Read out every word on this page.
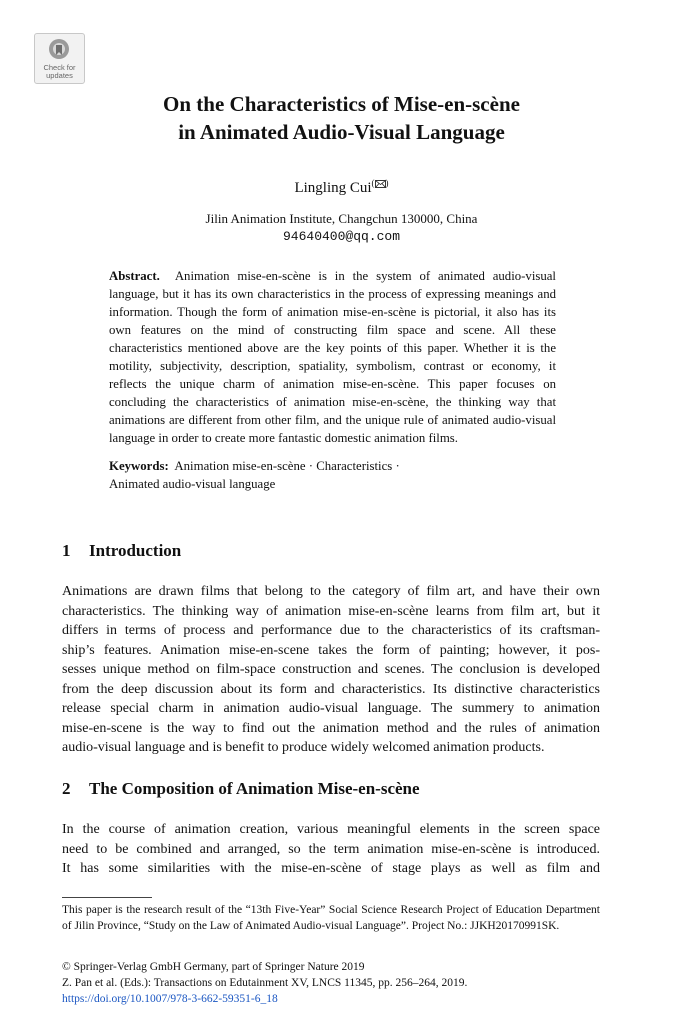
Check for
updates
On the Characteristics of Mise-en-scène
in Animated Audio-Visual Language
Lingling Cui( )
Jilin Animation Institute, Changchun 130000, China
94640400@qq.com
Abstract. Animation mise-en-scène is in the system of animated audio-visual language, but it has its own characteristics in the process of expressing meanings and information. Though the form of animation mise-en-scène is pictorial, it also has its own features on the mind of constructing film space and scene. All these characteristics mentioned above are the key points of this paper. Whether it is the motility, subjectivity, description, spatiality, symbolism, contrast or economy, it reflects the unique charm of animation mise-en-scène. This paper focuses on concluding the characteristics of animation mise-en-scène, the thinking way that animations are different from other film, and the unique rule of animated audio-visual language in order to create more fantastic domestic animation films.
Keywords: Animation mise-en-scène · Characteristics ·
Animated audio-visual language
1 Introduction
Animations are drawn films that belong to the category of film art, and have their own
characteristics. The thinking way of animation mise-en-scène learns from film art, but it
differs in terms of process and performance due to the characteristics of its craftsman-
ship’s features. Animation mise-en-scene takes the form of painting; however, it pos-
sesses unique method on film-space construction and scenes. The conclusion is developed
from the deep discussion about its form and characteristics. Its distinctive characteristics
release special charm in animation audio-visual language. The summery to animation
mise-en-scene is the way to find out the animation method and the rules of animation
audio-visual language and is benefit to produce widely welcomed animation products.
2 The Composition of Animation Mise-en-scène
In the course of animation creation, various meaningful elements in the screen space
need to be combined and arranged, so the term animation mise-en-scène is introduced.
It has some similarities with the mise-en-scène of stage plays as well as film and
This paper is the research result of the “13th Five-Year” Social Science Research Project of Education Department of Jilin Province, “Study on the Law of Animated Audio-visual Language”. Project No.: JJKH20170991SK.
© Springer-Verlag GmbH Germany, part of Springer Nature 2019
Z. Pan et al. (Eds.): Transactions on Edutainment XV, LNCS 11345, pp. 256–264, 2019.
https://doi.org/10.1007/978-3-662-59351-6_18
